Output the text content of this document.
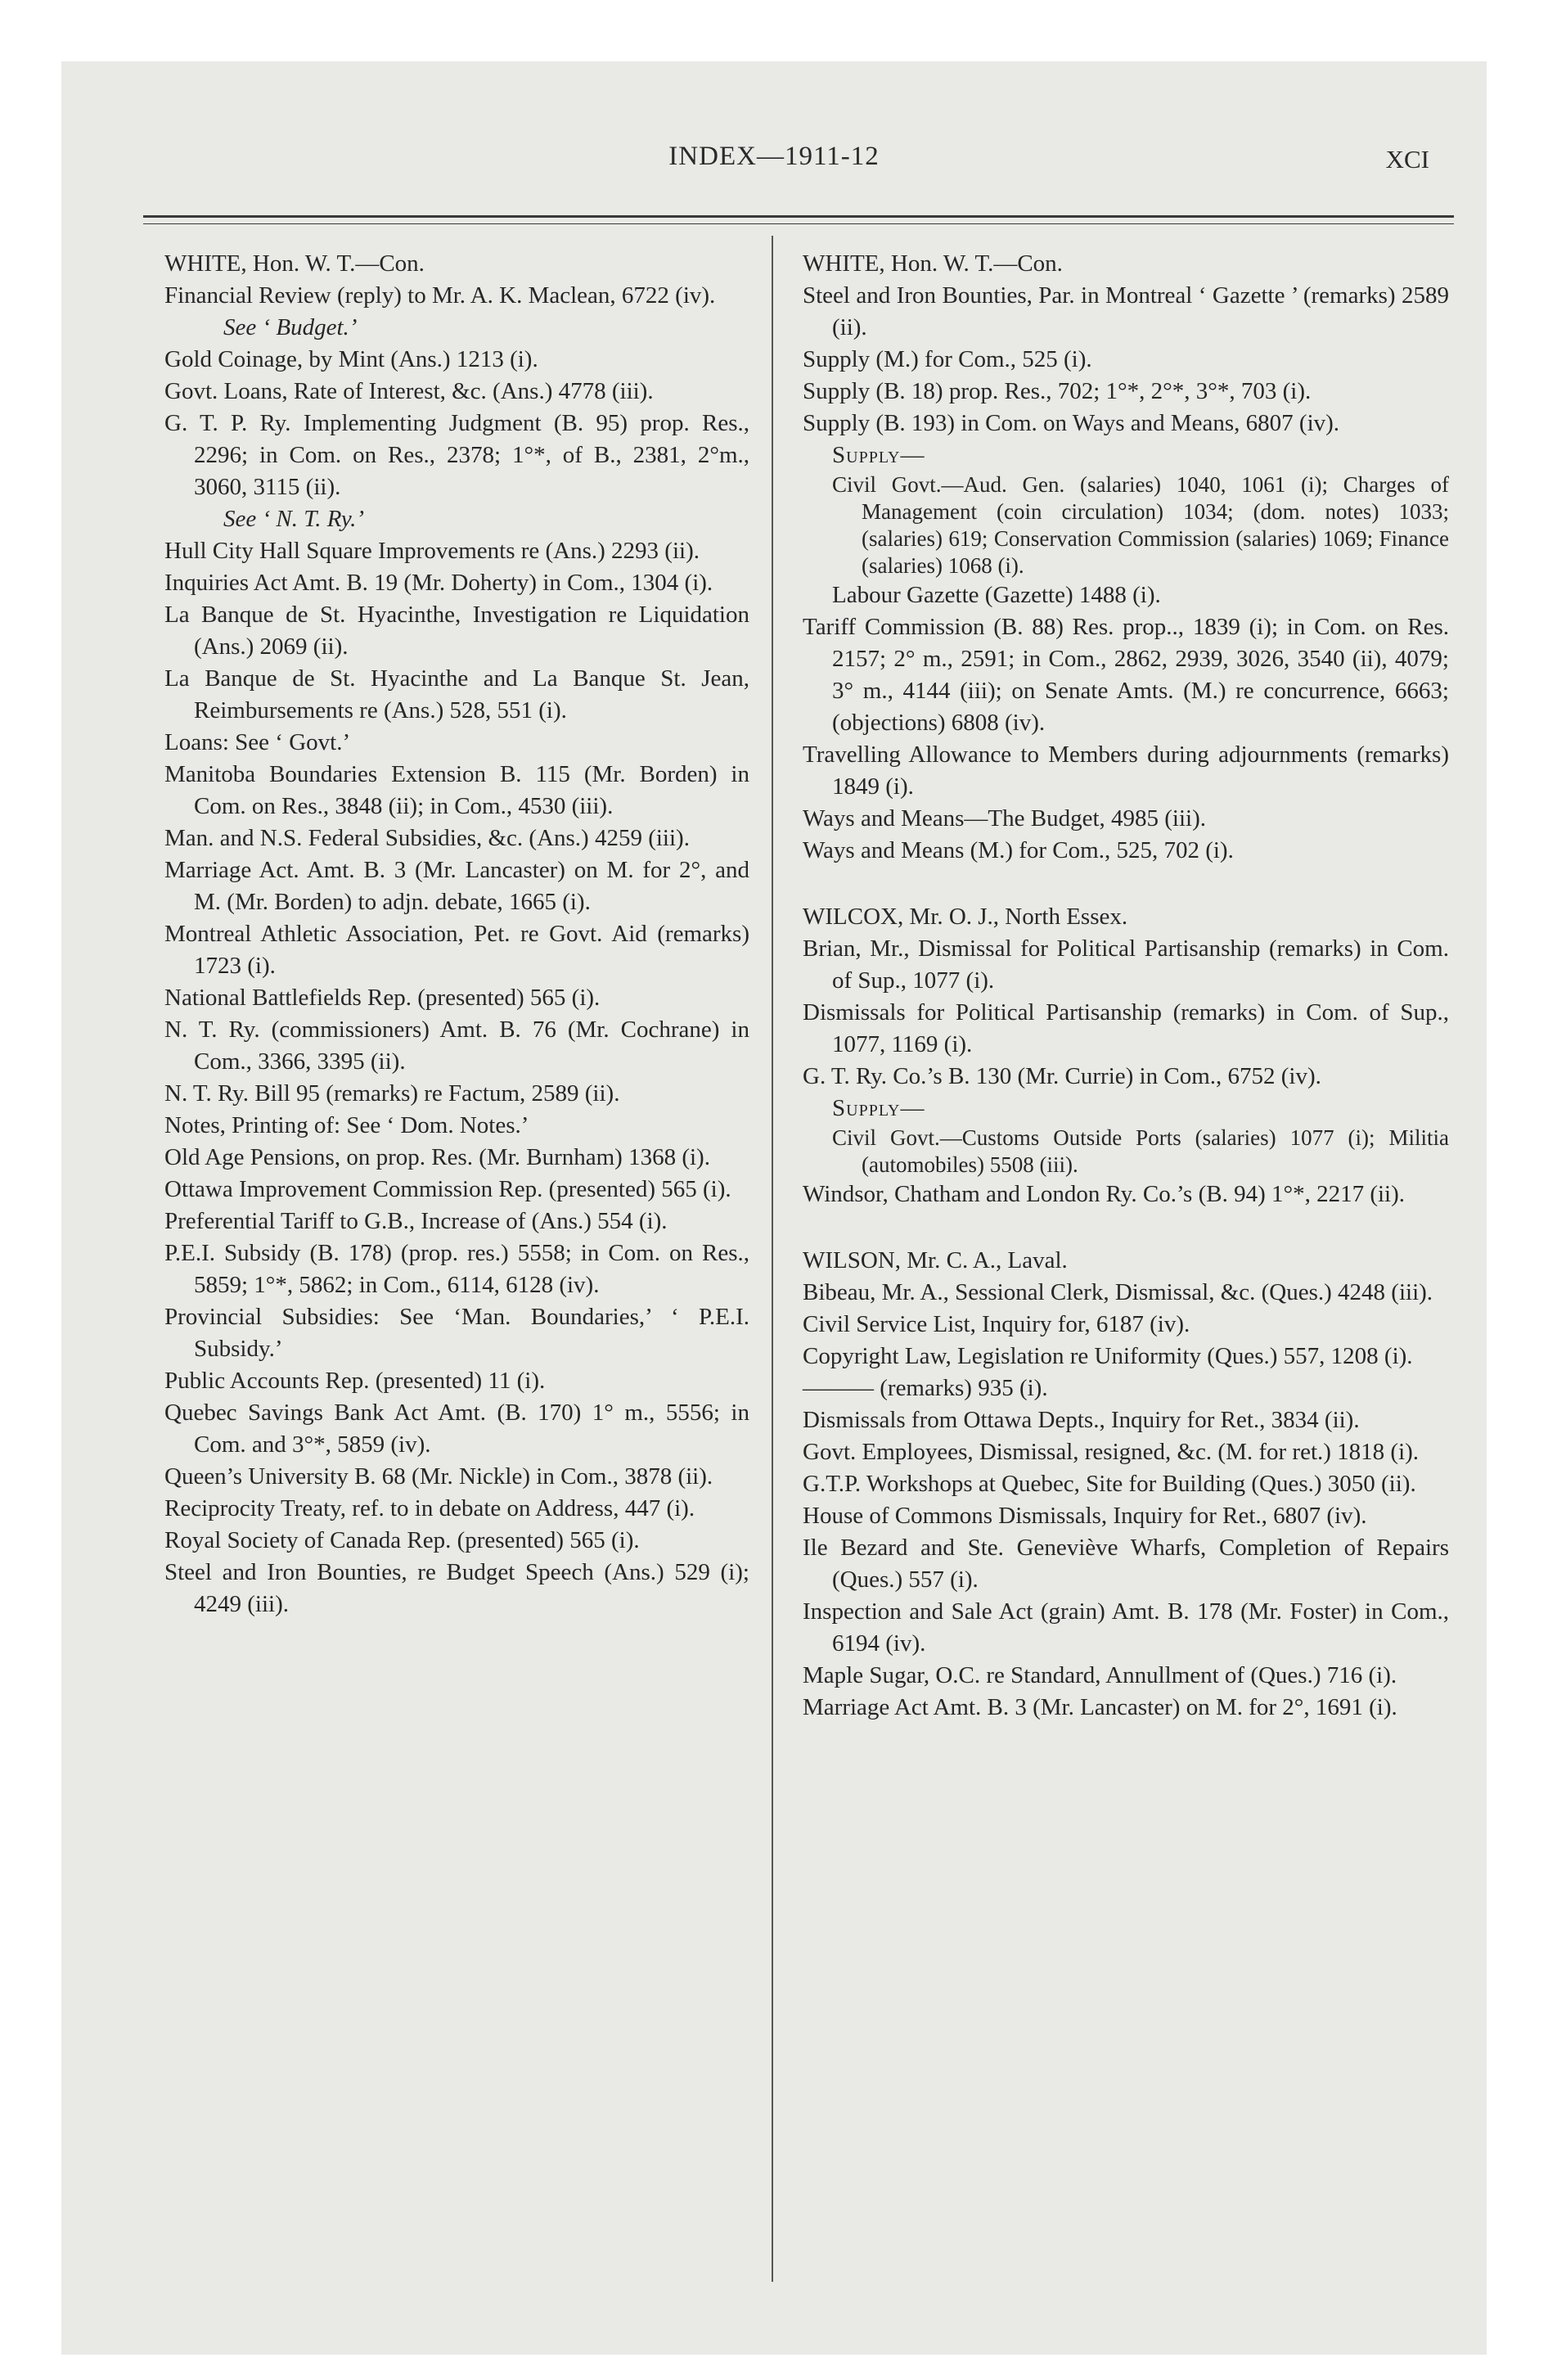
INDEX—1911-12	XCI

WHITE, Hon. W. T.—Con.

Financial Review (reply) to Mr. A. K. Maclean, 6722 (iv).

See ‘ Budget.’

Gold Coinage, by Mint (Ans.) 1213 (i).

Govt. Loans, Rate of Interest, &c. (Ans.) 4778 (iii).

G. T. P. Ry. Implementing Judgment (B. 95) prop. Res., 2296; in Com. on Res., 2378; 1°*, of B., 2381, 2°m., 3060, 3115 (ii).

See ‘ N. T. Ry.’

Hull City Hall Square Improvements re (Ans.) 2293 (ii).

Inquiries Act Amt. B. 19 (Mr. Doherty) in Com., 1304 (i).

La Banque de St. Hyacinthe, Investigation re Liquidation (Ans.) 2069 (ii).

La Banque de St. Hyacinthe and La Banque St. Jean, Reimbursements re (Ans.) 528, 551 (i).

Loans: See ‘ Govt.’

Manitoba Boundaries Extension B. 115 (Mr. Borden) in Com. on Res., 3848 (ii); in Com., 4530 (iii).

Man. and N.S. Federal Subsidies, &c. (Ans.) 4259 (iii).

Marriage Act. Amt. B. 3 (Mr. Lancaster) on M. for 2°, and M. (Mr. Borden) to adjn. debate, 1665 (i).

Montreal Athletic Association, Pet. re Govt. Aid (remarks) 1723 (i).

National Battlefields Rep. (presented) 565 (i).

N. T. Ry. (commissioners) Amt. B. 76 (Mr. Cochrane) in Com., 3366, 3395 (ii).

N. T. Ry. Bill 95 (remarks) re Factum, 2589 (ii).

Notes, Printing of: See ‘ Dom. Notes.’

Old Age Pensions, on prop. Res. (Mr. Burnham) 1368 (i).

Ottawa Improvement Commission Rep. (presented) 565 (i).

Preferential Tariff to G.B., Increase of (Ans.) 554 (i).

P.E.I. Subsidy (B. 178) (prop. res.) 5558; in Com. on Res., 5859; 1°*, 5862; in Com., 6114, 6128 (iv).

Provincial Subsidies: See ‘Man. Boundaries,’ ‘ P.E.I. Subsidy.’

Public Accounts Rep. (presented) 11 (i).

Quebec Savings Bank Act Amt. (B. 170) 1° m., 5556; in Com. and 3°*, 5859 (iv).

Queen’s University B. 68 (Mr. Nickle) in Com., 3878 (ii).

Reciprocity Treaty, ref. to in debate on Address, 447 (i).

Royal Society of Canada Rep. (presented) 565 (i).

Steel and Iron Bounties, re Budget Speech (Ans.) 529 (i); 4249 (iii).

WHITE, Hon. W. T.—Con.

Steel and Iron Bounties, Par. in Montreal ‘ Gazette ’ (remarks) 2589 (ii).

Supply (M.) for Com., 525 (i).

Supply (B. 18) prop. Res., 702; 1°*, 2°*, 3°*, 703 (i).

Supply (B. 193) in Com. on Ways and Means, 6807 (iv).

Supply—

Civil Govt.—Aud. Gen. (salaries) 1040, 1061 (i); Charges of Management (coin circulation) 1034; (dom. notes) 1033; (salaries) 619; Conservation Commission (salaries) 1069; Finance (salaries) 1068 (i).

Labour Gazette (Gazette) 1488 (i).

Tariff Commission (B. 88) Res. prop.., 1839 (i); in Com. on Res. 2157; 2° m., 2591; in Com., 2862, 2939, 3026, 3540 (ii), 4079; 3° m., 4144 (iii); on Senate Amts. (M.) re concurrence, 6663; (objections) 6808 (iv).

Travelling Allowance to Members during adjournments (remarks) 1849 (i).

Ways and Means—The Budget, 4985 (iii).

Ways and Means (M.) for Com., 525, 702 (i).

WILCOX, Mr. O. J., North Essex.

Brian, Mr., Dismissal for Political Partisanship (remarks) in Com. of Sup., 1077 (i).

Dismissals for Political Partisanship (remarks) in Com. of Sup., 1077, 1169 (i).

G. T. Ry. Co.’s B. 130 (Mr. Currie) in Com., 6752 (iv).

Supply—

Civil Govt.—Customs Outside Ports (salaries) 1077 (i); Militia (automobiles) 5508 (iii).

Windsor, Chatham and London Ry. Co.’s (B. 94) 1°*, 2217 (ii).

WILSON, Mr. C. A., Laval.

Bibeau, Mr. A., Sessional Clerk, Dismissal, &c. (Ques.) 4248 (iii).

Civil Service List, Inquiry for, 6187 (iv).

Copyright Law, Legislation re Uniformity (Ques.) 557, 1208 (i).

——— (remarks) 935 (i).

Dismissals from Ottawa Depts., Inquiry for Ret., 3834 (ii).

Govt. Employees, Dismissal, resigned, &c. (M. for ret.) 1818 (i).

G.T.P. Workshops at Quebec, Site for Building (Ques.) 3050 (ii).

House of Commons Dismissals, Inquiry for Ret., 6807 (iv).

Ile Bezard and Ste. Geneviève Wharfs, Completion of Repairs (Ques.) 557 (i).

Inspection and Sale Act (grain) Amt. B. 178 (Mr. Foster) in Com., 6194 (iv).

Maple Sugar, O.C. re Standard, Annullment of (Ques.) 716 (i).

Marriage Act Amt. B. 3 (Mr. Lancaster) on M. for 2°, 1691 (i).
